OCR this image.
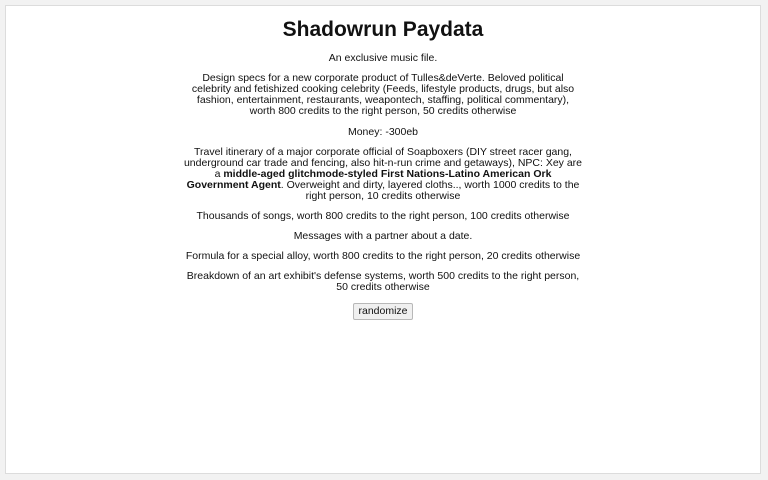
Shadowrun Paydata

An exclusive music file.

Design specs for a new corporate product of Tulles&deVerte. Beloved political celebrity and fetishized cooking celebrity (Feeds, lifestyle products, drugs, but also fashion, entertainment, restaurants, weapontech, staffing, political commentary), worth 800 credits to the right person, 50 credits otherwise

Money: -300eb

Travel itinerary of a major corporate official of Soapboxers (DIY street racer gang, underground car trade and fencing, also hit-n-run crime and getaways), NPC: Xey are a middle-aged glitchmode-styled First Nations-Latino American Ork Government Agent. Overweight and dirty, layered cloths.., worth 1000 credits to the right person, 10 credits otherwise

Thousands of songs, worth 800 credits to the right person, 100 credits otherwise

Messages with a partner about a date.

Formula for a special alloy, worth 800 credits to the right person, 20 credits otherwise

Breakdown of an art exhibit's defense systems, worth 500 credits to the right person, 50 credits otherwise

randomize
